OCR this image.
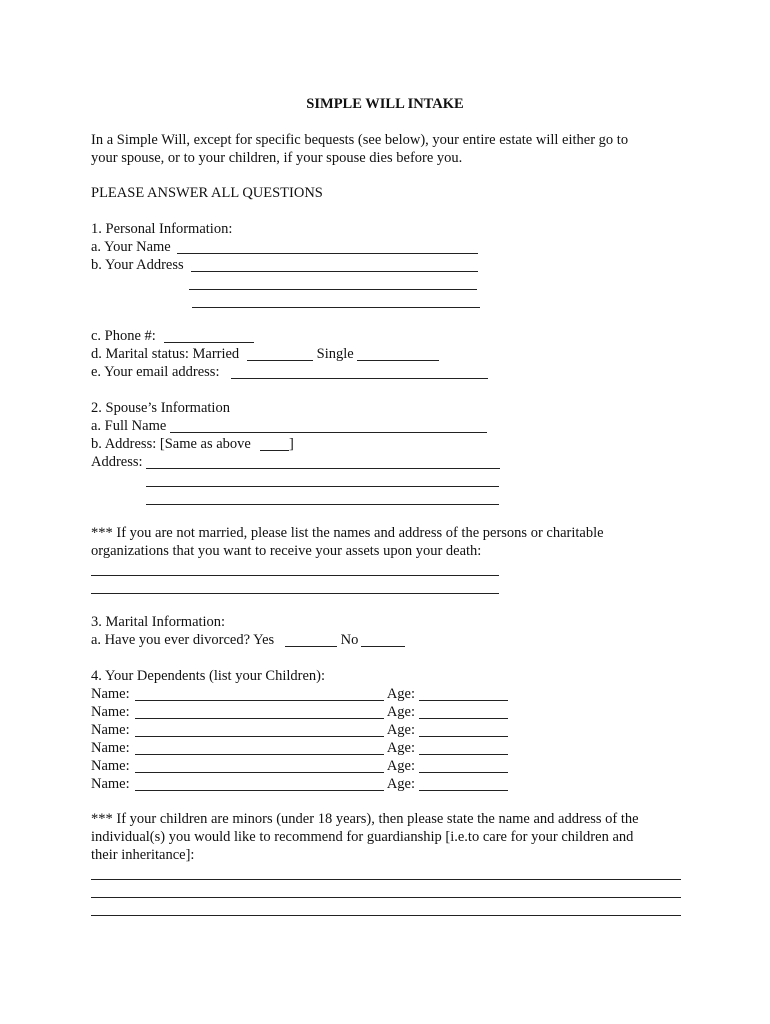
SIMPLE WILL INTAKE
In a Simple Will, except for specific bequests (see below), your entire estate will either go to
your spouse, or to your children, if your spouse dies before you.
PLEASE ANSWER ALL QUESTIONS
1. Personal Information:
a. Your Name
b. Your Address
c. Phone #:
d. Marital status: Married	Single
e. Your email address:
2. Spouse’s Information
a. Full Name
b. Address: [Same as above	]
Address:
*** If you are not married, please list the names and address of the persons or charitable
organizations that you want to receive your assets upon your death:
3. Marital Information:
a. Have you ever divorced? Yes	No
4. Your Dependents (list your Children):
Name:	Age:
Name:	Age:
Name:	Age:
Name:	Age:
Name:	Age:
Name:	Age:
*** If your children are minors (under 18 years), then please state the name and address of the
individual(s) you would like to recommend for guardianship [i.e.to care for your children and
their inheritance]:
